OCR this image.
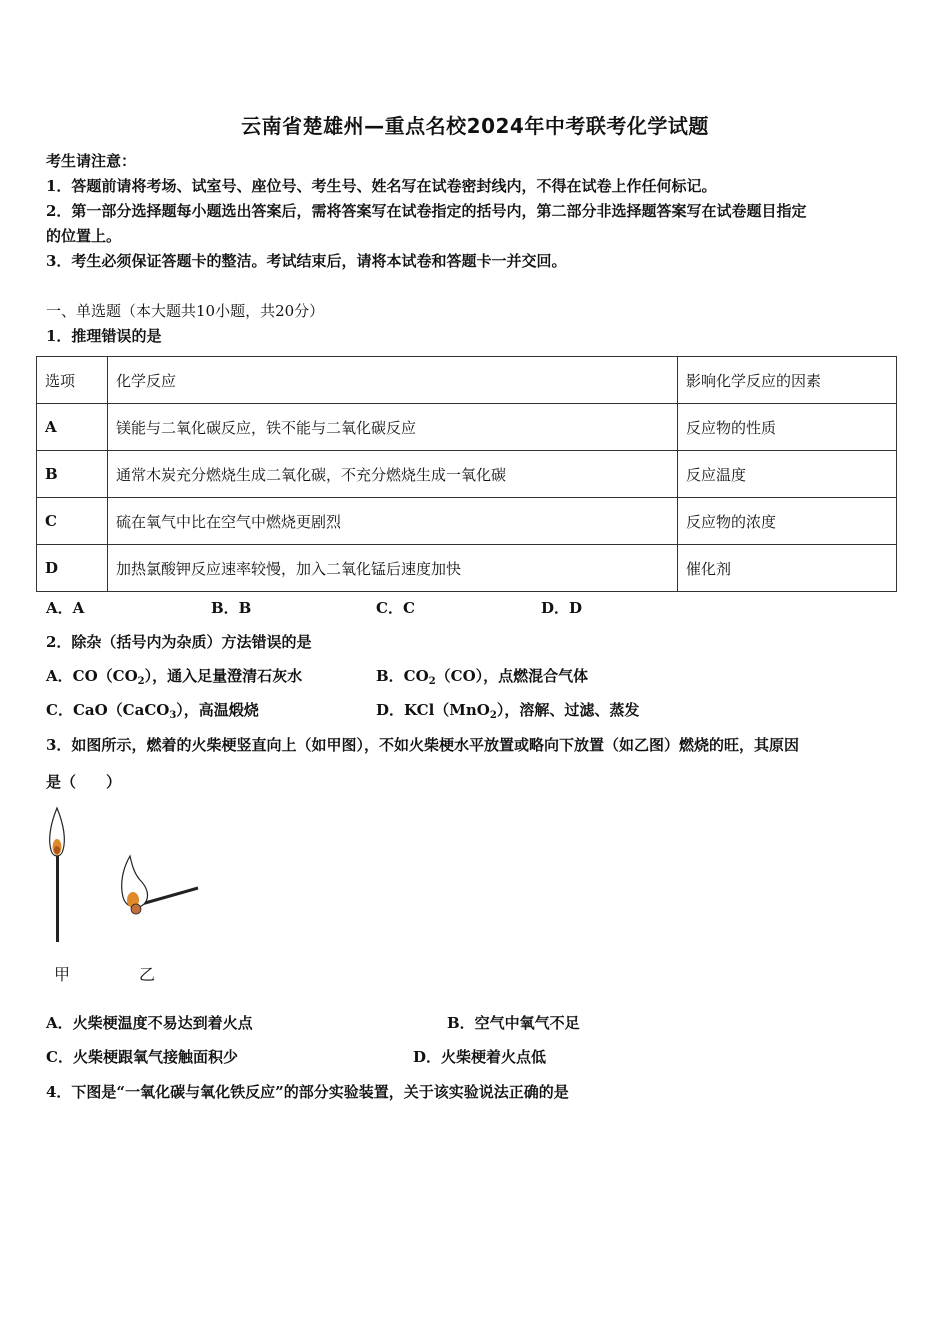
云南省楚雄州—重点名校2024年中考联考化学试题
考生请注意：
1．答题前请将考场、试室号、座位号、考生号、姓名写在试卷密封线内，不得在试卷上作任何标记。
2．第一部分选择题每小题选出答案后，需将答案写在试卷指定的括号内，第二部分非选择题答案写在试卷题目指定
的位置上。
3．考生必须保证答题卡的整洁。考试结束后，请将本试卷和答题卡一并交回。
一、单选题（本大题共10小题，共20分）
1．推理错误的是
选项	化学反应	影响化学反应的因素
A	镁能与二氧化碳反应，铁不能与二氧化碳反应	反应物的性质
B	通常木炭充分燃烧生成二氧化碳，不充分燃烧生成一氧化碳	反应温度
C	硫在氧气中比在空气中燃烧更剧烈	反应物的浓度
D	加热氯酸钾反应速率较慢，加入二氧化锰后速度加快	催化剂
A．A	B．B	C．C	D．D
2．除杂（括号内为杂质）方法错误的是
A．$CO(CO_2)$，通入足量澄清石灰水	B．$CO_2(CO)$，点燃混合气体
C．CaO（CaCO$_3$），高温煅烧	D．KCl（MnO$_2$），溶解、过滤、蒸发
3．如图所示，燃着的火柴梗竖直向上（如甲图），不如火柴梗水平放置或略向下放置（如乙图）燃烧的旺，其原因
是（　　）
甲	乙
A．火柴梗温度不易达到着火点	B．空气中氧气不足
C．火柴梗跟氧气接触面积少	D．火柴梗着火点低
4．下图是“一氧化碳与氧化铁反应”的部分实验装置，关于该实验说法正确的是
